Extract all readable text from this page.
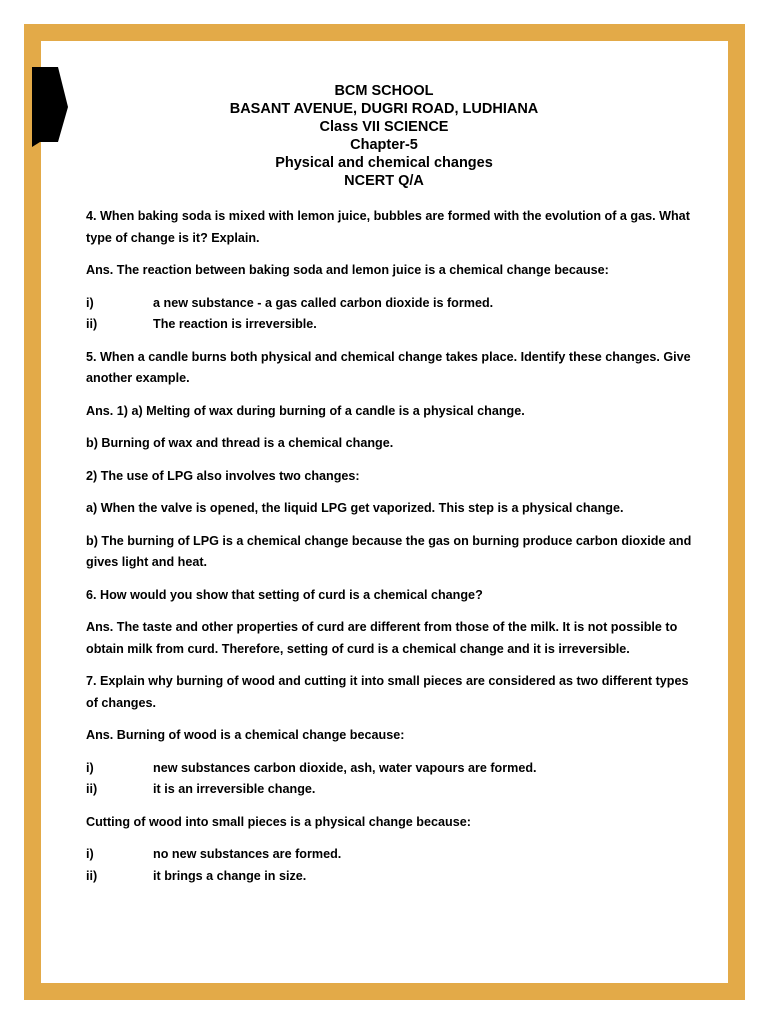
BCM SCHOOL
BASANT AVENUE, DUGRI ROAD, LUDHIANA
Class VII SCIENCE
Chapter-5
Physical and chemical changes
NCERT Q/A

4. When baking soda is mixed with lemon juice, bubbles are formed with the evolution of a gas. What type of change is it? Explain.

Ans. The reaction between baking soda and lemon juice is a chemical change because:

i)	a new substance - a gas called carbon dioxide is formed.
ii)	The reaction is irreversible.

5. When a candle burns both physical and chemical change takes place. Identify these changes. Give another example.

Ans. 1) a) Melting of wax during burning of a candle is a physical change.

b) Burning of wax and thread is a chemical change.

2) The use of LPG also involves two changes:

a) When the valve is opened, the liquid LPG get vaporized. This step is a physical change.

b) The burning of LPG is a chemical change because the gas on burning produce carbon dioxide and gives light and heat.

6. How would you show that setting of curd is a chemical change?

Ans. The taste and other properties of curd are different from those of the milk. It is not possible to obtain milk from curd. Therefore, setting of curd is a chemical change and it is irreversible.

7. Explain why burning of wood and cutting it into small pieces are considered as two different types of changes.

Ans. Burning of wood is a chemical change because:

i)	new substances carbon dioxide, ash, water vapours are formed.
ii)	it is an irreversible change.

Cutting of wood into small pieces is a physical change because:

i)	no new substances are formed.
ii)	it brings a change in size.
